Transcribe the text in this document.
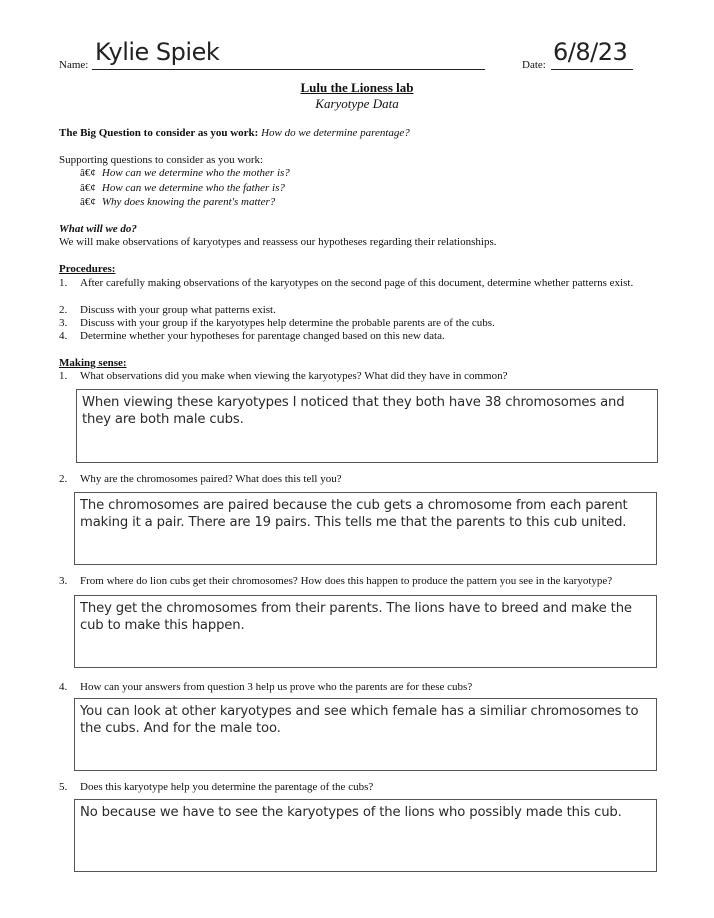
Name: Kylie Spiek	Date: 6/8/23
Lulu the Lioness lab
Karyotype Data
The Big Question to consider as you work: How do we determine parentage?
Supporting questions to consider as you work:
â€¢ How can we determine who the mother is?
â€¢ How can we determine who the father is?
â€¢ Why does knowing the parent's matter?
What will we do?
We will make observations of karyotypes and reassess our hypotheses regarding their relationships.
Procedures:
1. After carefully making observations of the karyotypes on the second page of this document, determine whether patterns exist.
2. Discuss with your group what patterns exist.
3. Discuss with your group if the karyotypes help determine the probable parents are of the cubs.
4. Determine whether your hypotheses for parentage changed based on this new data.
Making sense:
1. What observations did you make when viewing the karyotypes? What did they have in common?
When viewing these karyotypes I noticed that they both have 38 chromosomes and they are both male cubs.
2. Why are the chromosomes paired? What does this tell you?
The chromosomes are paired because the cub gets a chromosome from each parent making it a pair. There are 19 pairs. This tells me that the parents to this cub united.
3. From where do lion cubs get their chromosomes? How does this happen to produce the pattern you see in the karyotype?
They get the chromosomes from their parents. The lions have to breed and make the cub to make this happen.
4. How can your answers from question 3 help us prove who the parents are for these cubs?
You can look at other karyotypes and see which female has a similiar chromosomes to the cubs. And for the male too.
5. Does this karyotype help you determine the parentage of the cubs?
No because we have to see the karyotypes of the lions who possibly made this cub.
